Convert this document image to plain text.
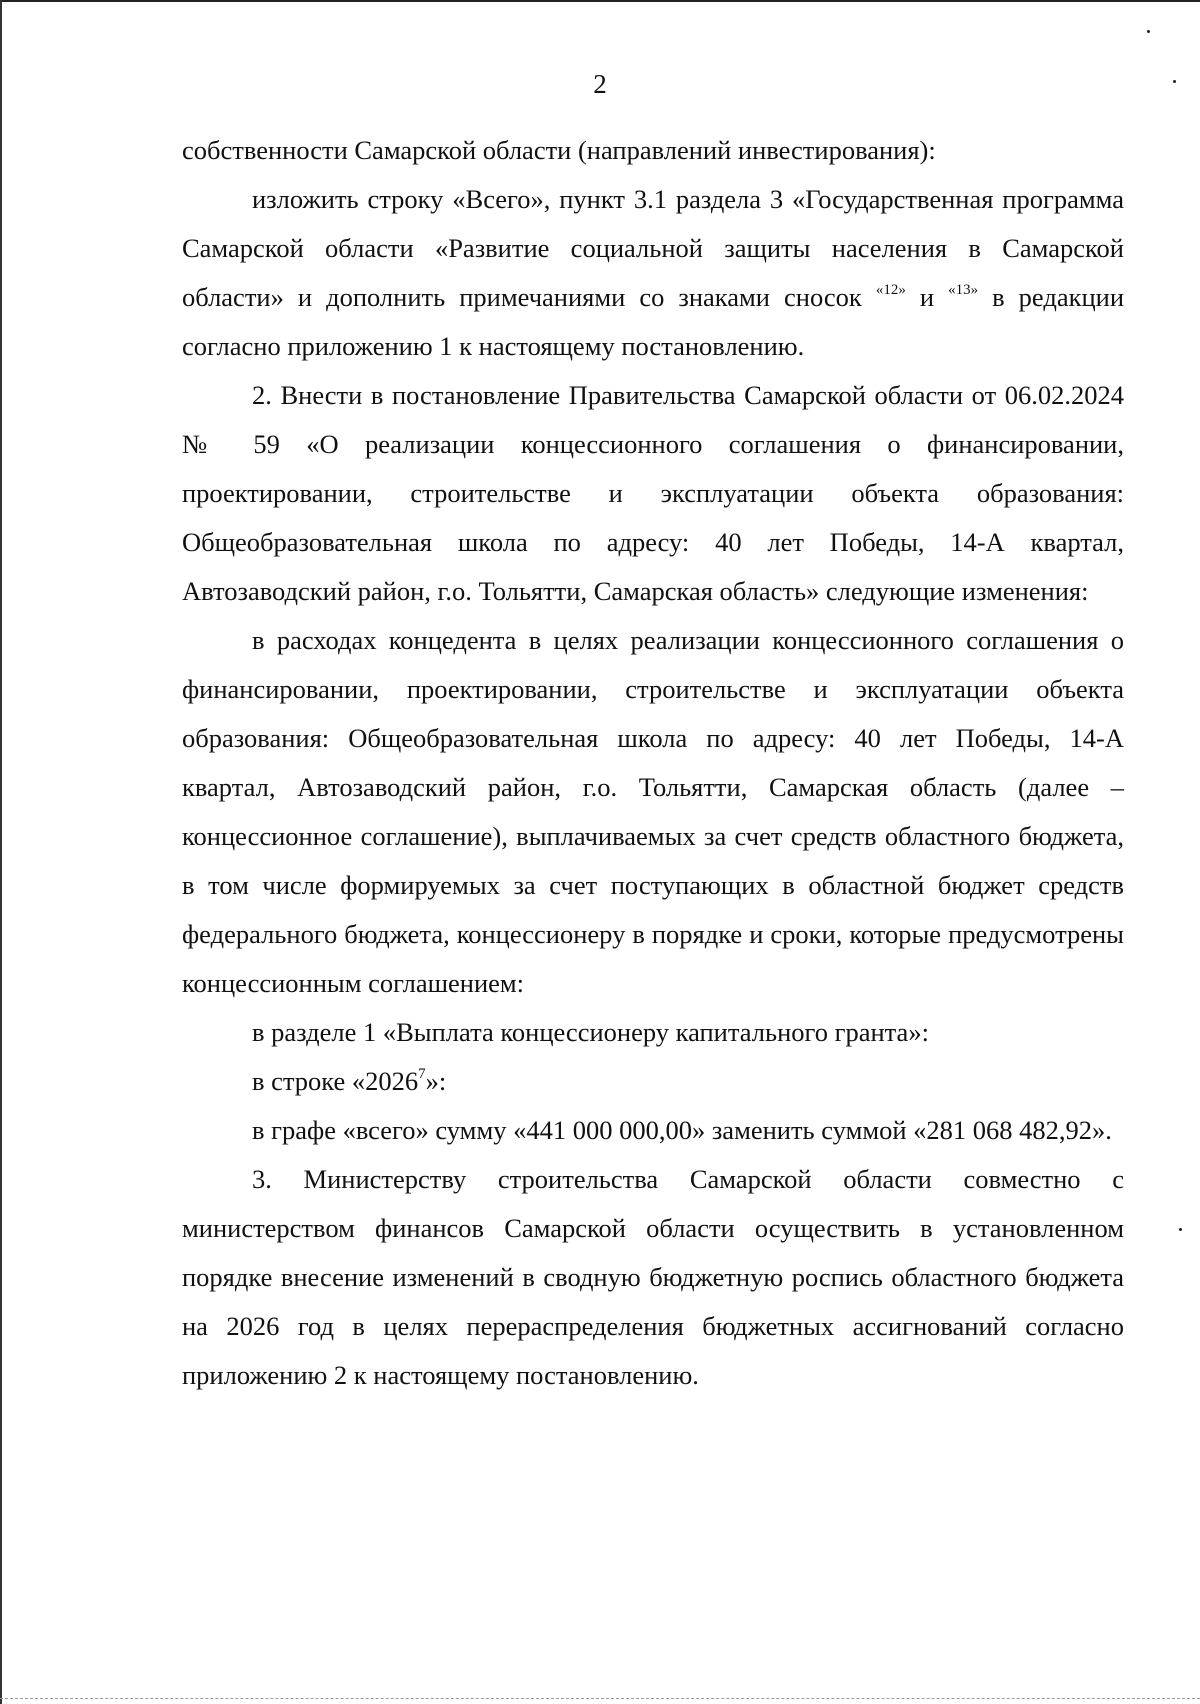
2

собственности Самарской области (направлений инвестирования):

изложить строку «Всего», пункт 3.1 раздела 3 «Государственная программа Самарской области «Развитие социальной защиты населения в Самарской области» и дополнить примечаниями со знаками сносок $^{«12»}$ и $^{«13»}$ в редакции согласно приложению 1 к настоящему постановлению.

2. Внести в постановление Правительства Самарской области от 06.02.2024 № 59 «О реализации концессионного соглашения о финансировании, проектировании, строительстве и эксплуатации объекта образования: Общеобразовательная школа по адресу: 40 лет Победы, 14-А квартал, Автозаводский район, г.о. Тольятти, Самарская область» следующие изменения:

в расходах концедента в целях реализации концессионного соглашения о финансировании, проектировании, строительстве и эксплуатации объекта образования: Общеобразовательная школа по адресу: 40 лет Победы, 14-А квартал, Автозаводский район, г.о. Тольятти, Самарская область (далее – концессионное соглашение), выплачиваемых за счет средств областного бюджета, в том числе формируемых за счет поступающих в областной бюджет средств федерального бюджета, концессионеру в порядке и сроки, которые предусмотрены концессионным соглашением:

в разделе 1 «Выплата концессионеру капитального гранта»:

в строке «2026$^7$»:

в графе «всего» сумму «441 000 000,00» заменить суммой «281 068 482,92».

3. Министерству строительства Самарской области совместно с министерством финансов Самарской области осуществить в установленном порядке внесение изменений в сводную бюджетную роспись областного бюджета на 2026 год в целях перераспределения бюджетных ассигнований согласно приложению 2 к настоящему постановлению.
